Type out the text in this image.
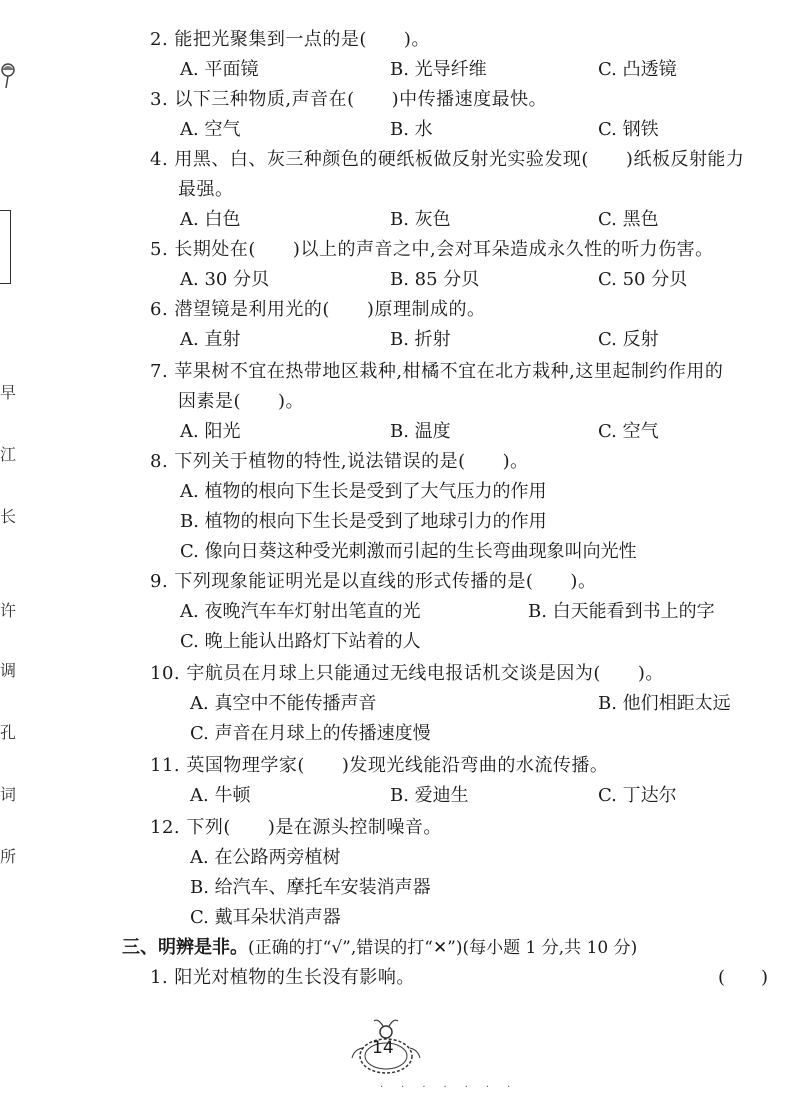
早
江
长
许
调
孔
词
所
2. 能把光聚集到一点的是(　　)。
A. 平面镜	B. 光导纤维	C. 凸透镜
3. 以下三种物质,声音在(　　)中传播速度最快。
A. 空气	B. 水	C. 钢铁
4. 用黑、白、灰三种颜色的硬纸板做反射光实验发现(　　)纸板反射能力
最强。
A. 白色	B. 灰色	C. 黑色
5. 长期处在(　　)以上的声音之中,会对耳朵造成永久性的听力伤害。
A. 30 分贝	B. 85 分贝	C. 50 分贝
6. 潜望镜是利用光的(　　)原理制成的。
A. 直射	B. 折射	C. 反射
7. 苹果树不宜在热带地区栽种,柑橘不宜在北方栽种,这里起制约作用的
因素是(　　)。
A. 阳光	B. 温度	C. 空气
8. 下列关于植物的特性,说法错误的是(　　)。
A. 植物的根向下生长是受到了大气压力的作用
B. 植物的根向下生长是受到了地球引力的作用
C. 像向日葵这种受光刺激而引起的生长弯曲现象叫向光性
9. 下列现象能证明光是以直线的形式传播的是(　　)。
A. 夜晚汽车车灯射出笔直的光	B. 白天能看到书上的字
C. 晚上能认出路灯下站着的人
10. 宇航员在月球上只能通过无线电报话机交谈是因为(　　)。
A. 真空中不能传播声音	B. 他们相距太远
C. 声音在月球上的传播速度慢
11. 英国物理学家(　　)发现光线能沿弯曲的水流传播。
A. 牛顿	B. 爱迪生	C. 丁达尔
12. 下列(　　)是在源头控制噪音。
A. 在公路两旁植树
B. 给汽车、摩托车安装消声器
C. 戴耳朵状消声器
三、明辨是非。(正确的打“√”,错误的打“✕”)(每小题 1 分,共 10 分)
1. 阳光对植物的生长没有影响。	(　　)
14
·······
